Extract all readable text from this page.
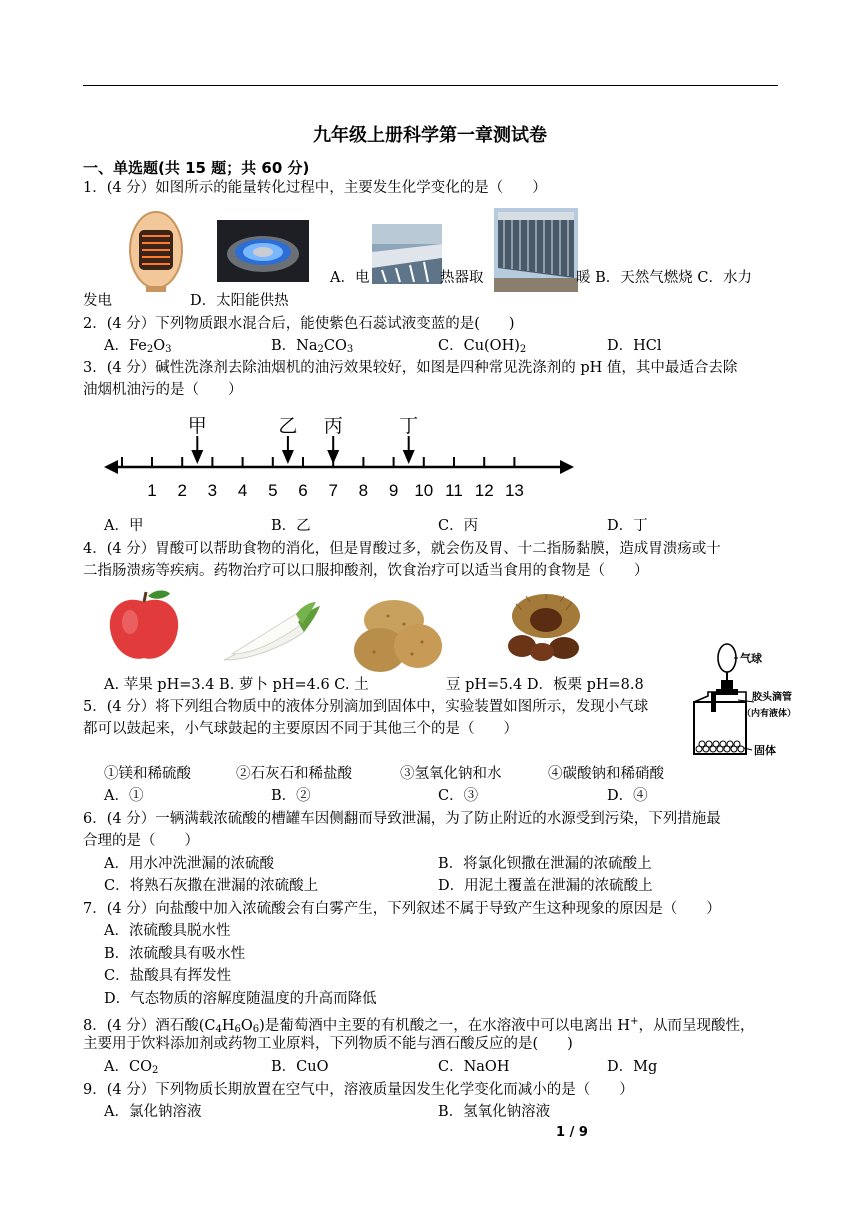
九年级上册科学第一章测试卷
一、单选题(共 15 题；共 60 分)
1．(4 分）如图所示的能量转化过程中，主要发生化学变化的是（　　）
A．电	热器取	暖 B．天然气燃烧 C．水力
发电	D．太阳能供热
2．(4 分）下列物质跟水混合后，能使紫色石蕊试液变蓝的是(　　)
A．$Fe_2O_3$	B．$Na_2CO_3$	C．$Cu(OH)_2$	D．HCl
3．(4 分）碱性洗涤剂去除油烟机的油污效果较好，如图是四种常见洗涤剂的 pH 值，其中最适合去除
油烟机油污的是（　　）
1 2 3 4 5 6 7 8 9 10 11 12 13
甲	乙 丙	丁
A．甲	B．乙	C．丙	D．丁
4．(4 分）胃酸可以帮助食物的消化，但是胃酸过多，就会伤及胃、十二指肠黏膜，造成胃溃疡或十
二指肠溃疡等疾病。药物治疗可以口服抑酸剂，饮食治疗可以适当食用的食物是（　　）
A. 苹果 pH=3.4 B. 萝卜 pH=4.6 C. 土	豆 pH=5.4 D．板栗 pH=8.8
气球
胶头滴管
（内有液体）
固体
5．(4 分）将下列组合物质中的液体分别滴加到固体中，实验装置如图所示，发现小气球
都可以鼓起来，小气球鼓起的主要原因不同于其他三个的是（　　）
①镁和稀硫酸	②石灰石和稀盐酸	③氢氧化钠和水	④碳酸钠和稀硝酸
A．①	B．②	C．③	D．④
6．(4 分）一辆满载浓硫酸的槽罐车因侧翻而导致泄漏，为了防止附近的水源受到污染，下列措施最
合理的是（　　）
A．用水冲洗泄漏的浓硫酸	B．将氯化钡撒在泄漏的浓硫酸上
C．将熟石灰撒在泄漏的浓硫酸上	D．用泥土覆盖在泄漏的浓硫酸上
7．(4 分）向盐酸中加入浓硫酸会有白雾产生，下列叙述不属于导致产生这种现象的原因是（　　）
A．浓硫酸具脱水性
B．浓硫酸具有吸水性
C．盐酸具有挥发性
D．气态物质的溶解度随温度的升高而降低
8．(4 分）酒石酸$(C_4H_6O_6)$是葡萄酒中主要的有机酸之一，在水溶液中可以电离出 H+，从而呈现酸性，
主要用于饮料添加剂或药物工业原料，下列物质不能与酒石酸反应的是(　　)
A．$CO_2$	B．CuO	C．NaOH	D．Mg
9．(4 分）下列物质长期放置在空气中，溶液质量因发生化学变化而减小的是（　　）
A．氯化钠溶液	B．氢氧化钠溶液
1 / 9
